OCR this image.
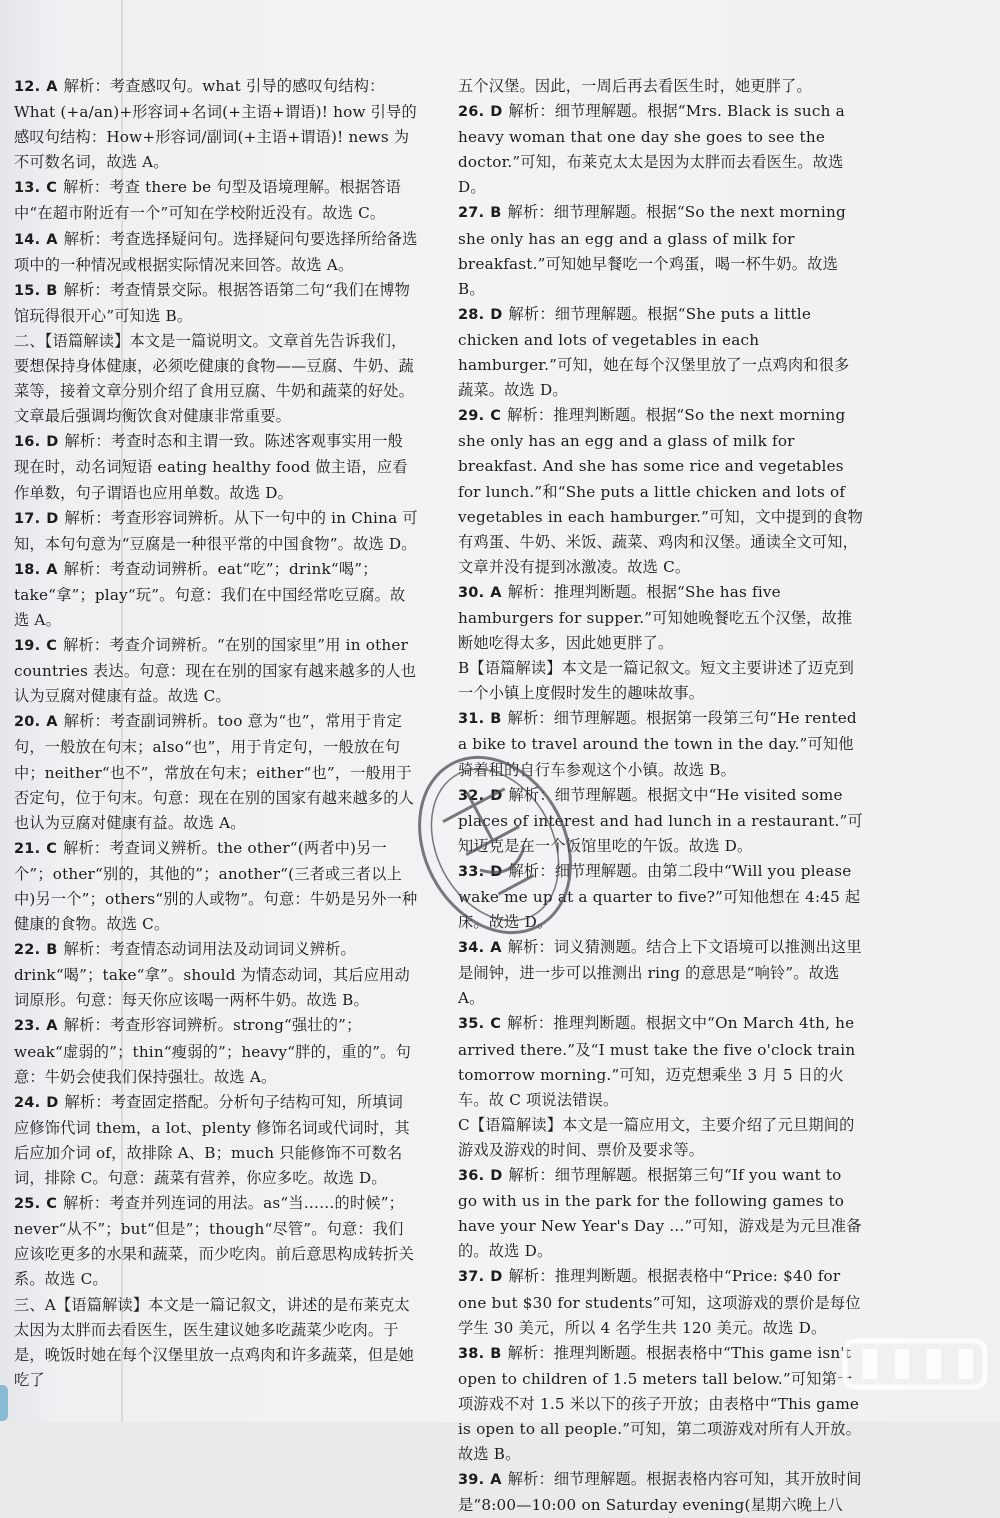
12. A 解析：考查感叹句。what 引导的感叹句结构：What (+a/an)+形容词+名词(+主语+谓语)! how 引导的感叹句结构：How+形容词/副词(+主语+谓语)! news 为不可数名词，故选 A。

13. C 解析：考查 there be 句型及语境理解。根据答语中“在超市附近有一个”可知在学校附近没有。故选 C。

14. A 解析：考查选择疑问句。选择疑问句要选择所给备选项中的一种情况或根据实际情况来回答。故选 A。

15. B 解析：考查情景交际。根据答语第二句“我们在博物馆玩得很开心”可知选 B。

二、【语篇解读】本文是一篇说明文。文章首先告诉我们，要想保持身体健康，必须吃健康的食物——豆腐、牛奶、蔬菜等，接着文章分别介绍了食用豆腐、牛奶和蔬菜的好处。文章最后强调均衡饮食对健康非常重要。

16. D 解析：考查时态和主谓一致。陈述客观事实用一般现在时，动名词短语 eating healthy food 做主语，应看作单数，句子谓语也应用单数。故选 D。

17. D 解析：考查形容词辨析。从下一句中的 in China 可知，本句句意为“豆腐是一种很平常的中国食物”。故选 D。

18. A 解析：考查动词辨析。eat“吃”；drink“喝”；take“拿”；play“玩”。句意：我们在中国经常吃豆腐。故选 A。

19. C 解析：考查介词辨析。“在别的国家里”用 in other countries 表达。句意：现在在别的国家有越来越多的人也认为豆腐对健康有益。故选 C。

20. A 解析：考查副词辨析。too 意为“也”，常用于肯定句，一般放在句末；also“也”，用于肯定句，一般放在句中；neither“也不”，常放在句末；either“也”，一般用于否定句，位于句末。句意：现在在别的国家有越来越多的人也认为豆腐对健康有益。故选 A。

21. C 解析：考查词义辨析。the other“(两者中)另一个”；other“别的，其他的”；another“(三者或三者以上中)另一个”；others“别的人或物”。句意：牛奶是另外一种健康的食物。故选 C。

22. B 解析：考查情态动词用法及动词词义辨析。drink“喝”；take“拿”。should 为情态动词，其后应用动词原形。句意：每天你应该喝一两杯牛奶。故选 B。

23. A 解析：考查形容词辨析。strong“强壮的”；weak“虚弱的”；thin“瘦弱的”；heavy“胖的，重的”。句意：牛奶会使我们保持强壮。故选 A。

24. D 解析：考查固定搭配。分析句子结构可知，所填词应修饰代词 them，a lot、plenty 修饰名词或代词时，其后应加介词 of，故排除 A、B；much 只能修饰不可数名词，排除 C。句意：蔬菜有营养，你应多吃。故选 D。

25. C 解析：考查并列连词的用法。as“当……的时候”；never“从不”；but“但是”；though“尽管”。句意：我们应该吃更多的水果和蔬菜，而少吃肉。前后意思构成转折关系。故选 C。

三、A【语篇解读】本文是一篇记叙文，讲述的是布莱克太太因为太胖而去看医生，医生建议她多吃蔬菜少吃肉。于是，晚饭时她在每个汉堡里放一点鸡肉和许多蔬菜，但是她吃了

五个汉堡。因此，一周后再去看医生时，她更胖了。

26. D 解析：细节理解题。根据“Mrs. Black is such a heavy woman that one day she goes to see the doctor.”可知，布莱克太太是因为太胖而去看医生。故选 D。

27. B 解析：细节理解题。根据“So the next morning she only has an egg and a glass of milk for breakfast.”可知她早餐吃一个鸡蛋，喝一杯牛奶。故选 B。

28. D 解析：细节理解题。根据“She puts a little chicken and lots of vegetables in each hamburger.”可知，她在每个汉堡里放了一点鸡肉和很多蔬菜。故选 D。

29. C 解析：推理判断题。根据“So the next morning she only has an egg and a glass of milk for breakfast. And she has some rice and vegetables for lunch.”和“She puts a little chicken and lots of vegetables in each hamburger.”可知，文中提到的食物有鸡蛋、牛奶、米饭、蔬菜、鸡肉和汉堡。通读全文可知，文章并没有提到冰激凌。故选 C。

30. A 解析：推理判断题。根据“She has five hamburgers for supper.”可知她晚餐吃五个汉堡，故推断她吃得太多，因此她更胖了。

B【语篇解读】本文是一篇记叙文。短文主要讲述了迈克到一个小镇上度假时发生的趣味故事。

31. B 解析：细节理解题。根据第一段第三句“He rented a bike to travel around the town in the day.”可知他骑着租的自行车参观这个小镇。故选 B。

32. D 解析：细节理解题。根据文中“He visited some places of interest and had lunch in a restaurant.”可知迈克是在一个饭馆里吃的午饭。故选 D。

33. D 解析：细节理解题。由第二段中“Will you please wake me up at a quarter to five?”可知他想在 4:45 起床。故选 D。

34. A 解析：词义猜测题。结合上下文语境可以推测出这里是闹钟，进一步可以推测出 ring 的意思是“响铃”。故选 A。

35. C 解析：推理判断题。根据文中“On March 4th, he arrived there.”及“I must take the five o'clock train tomorrow morning.”可知，迈克想乘坐 3 月 5 日的火车。故 C 项说法错误。

C【语篇解读】本文是一篇应用文，主要介绍了元旦期间的游戏及游戏的时间、票价及要求等。

36. D 解析：细节理解题。根据第三句“If you want to go with us in the park for the following games to have your New Year's Day ...”可知，游戏是为元旦准备的。故选 D。

37. D 解析：推理判断题。根据表格中“Price: $40 for one but $30 for students”可知，这项游戏的票价是每位学生 30 美元，所以 4 名学生共 120 美元。故选 D。

38. B 解析：推理判断题。根据表格中“This game isn't open to children of 1.5 meters tall below.”可知第一项游戏不对 1.5 米以下的孩子开放；由表格中“This game is open to all people.”可知，第二项游戏对所有人开放。故选 B。

39. A 解析：细节理解题。根据表格内容可知，其开放时间是“8:00—10:00 on Saturday evening(星期六晚上八
